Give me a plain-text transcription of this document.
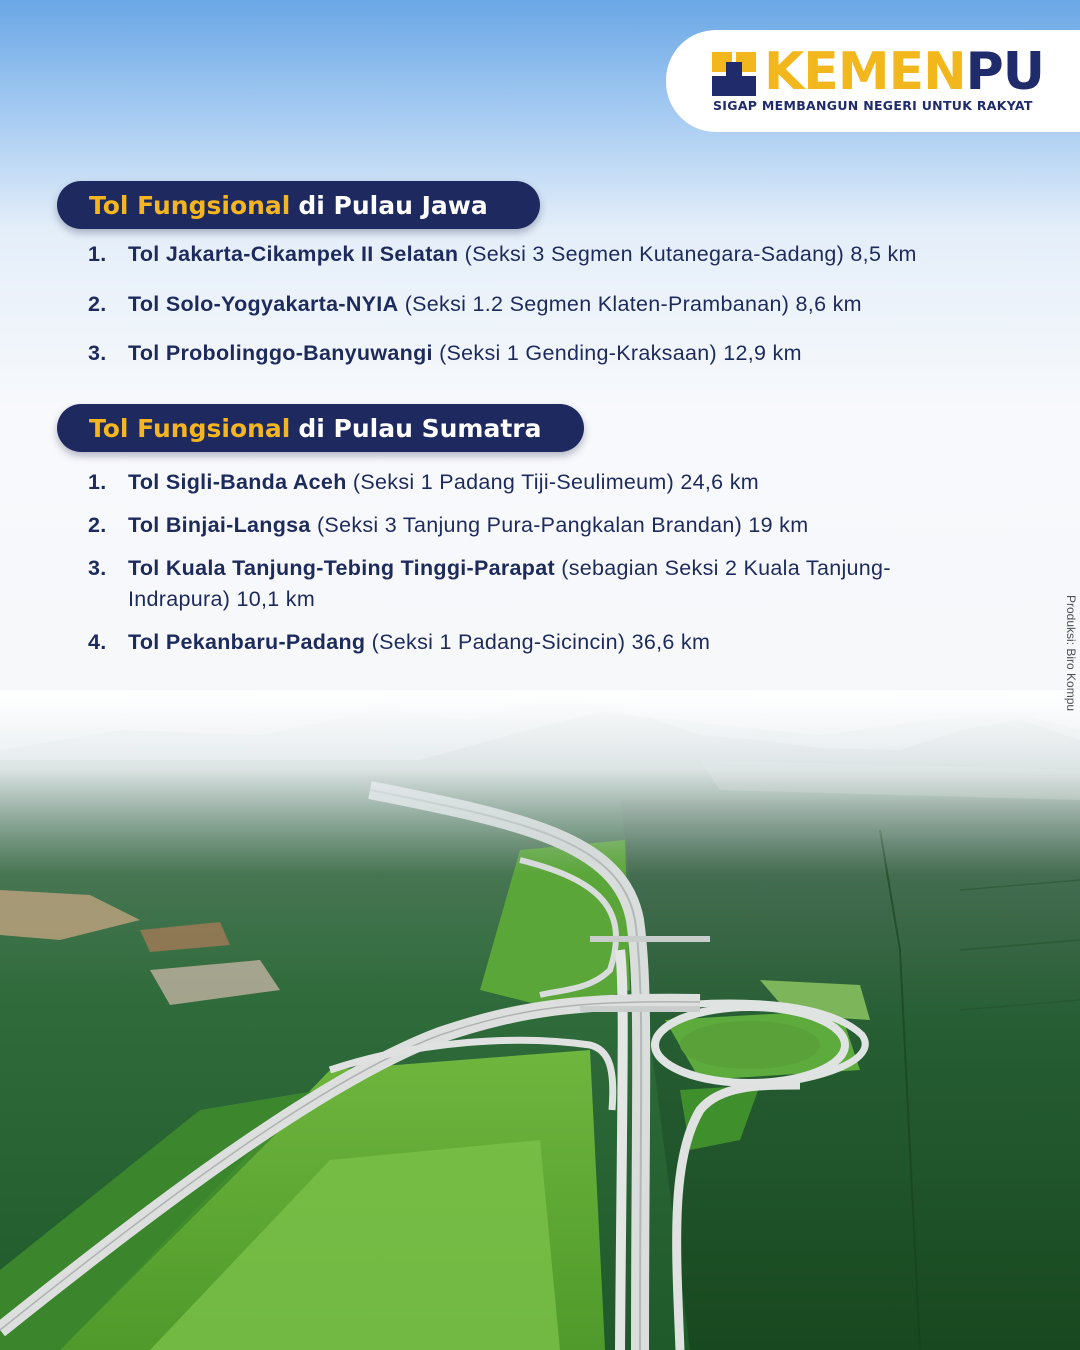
KEMENPU
SIGAP MEMBANGUN NEGERI UNTUK RAKYAT
Tol Fungsional di Pulau Jawa
1. Tol Jakarta-Cikampek II Selatan (Seksi 3 Segmen Kutanegara-Sadang) 8,5 km
2. Tol Solo-Yogyakarta-NYIA (Seksi 1.2 Segmen Klaten-Prambanan) 8,6 km
3. Tol Probolinggo-Banyuwangi (Seksi 1 Gending-Kraksaan) 12,9 km
Tol Fungsional di Pulau Sumatra
1. Tol Sigli-Banda Aceh (Seksi 1 Padang Tiji-Seulimeum) 24,6 km
2. Tol Binjai-Langsa (Seksi 3 Tanjung Pura-Pangkalan Brandan) 19 km
3. Tol Kuala Tanjung-Tebing Tinggi-Parapat (sebagian Seksi 2 Kuala Tanjung-Indrapura) 10,1 km
4. Tol Pekanbaru-Padang (Seksi 1 Padang-Sicincin) 36,6 km	Produksi: Biro Kompu
